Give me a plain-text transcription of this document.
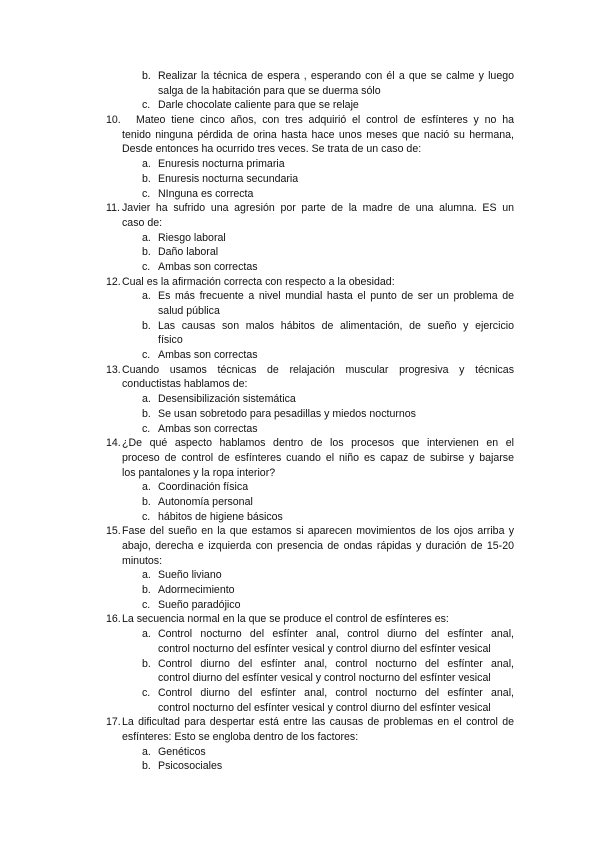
b. Realizar la técnica de espera , esperando con él a que se calme y luego
salga de la habitación para que se duerma sólo
c. Darle chocolate caliente para que se relaje
10. Mateo tiene cinco años, con tres adquirió el control de esfínteres y no ha
tenido ninguna pérdida de orina hasta hace unos meses que nació su hermana,
Desde entonces ha ocurrido tres veces. Se trata de un caso de:
a. Enuresis nocturna primaria
b. Enuresis nocturna secundaria
c. NInguna es correcta
11. Javier ha sufrido una agresión por parte de la madre de una alumna. ES un
caso de:
a. Riesgo laboral
b. Daño laboral
c. Ambas son correctas
12. Cual es la afirmación correcta con respecto a la obesidad:
a. Es más frecuente a nivel mundial hasta el punto de ser un problema de
salud pública
b. Las causas son malos hábitos de alimentación, de sueño y ejercicio
físico
c. Ambas son correctas
13. Cuando usamos técnicas de relajación muscular progresiva y técnicas
conductistas hablamos de:
a. Desensibilización sistemática
b. Se usan sobretodo para pesadillas y miedos nocturnos
c. Ambas son correctas
14. ¿De qué aspecto hablamos dentro de los procesos que intervienen en el
proceso de control de esfínteres cuando el niño es capaz de subirse y bajarse
los pantalones y la ropa interior?
a. Coordinación física
b. Autonomía personal
c. hábitos de higiene básicos
15. Fase del sueño en la que estamos si aparecen movimientos de los ojos arriba y
abajo, derecha e izquierda con presencia de ondas rápidas y duración de 15-20
minutos:
a. Sueño liviano
b. Adormecimiento
c. Sueño paradójico
16. La secuencia normal en la que se produce el control de esfínteres es:
a. Control nocturno del esfínter anal, control diurno del esfínter anal,
control nocturno del esfínter vesical y control diurno del esfínter vesical
b. Control diurno del esfínter anal, control nocturno del esfínter anal,
control diurno del esfínter vesical y control nocturno del esfínter vesical
c. Control diurno del esfínter anal, control nocturno del esfínter anal,
control nocturno del esfínter vesical y control diurno del esfínter vesical
17. La dificultad para despertar está entre las causas de problemas en el control de
esfínteres: Esto se engloba dentro de los factores:
a. Genéticos
b. Psicosociales
